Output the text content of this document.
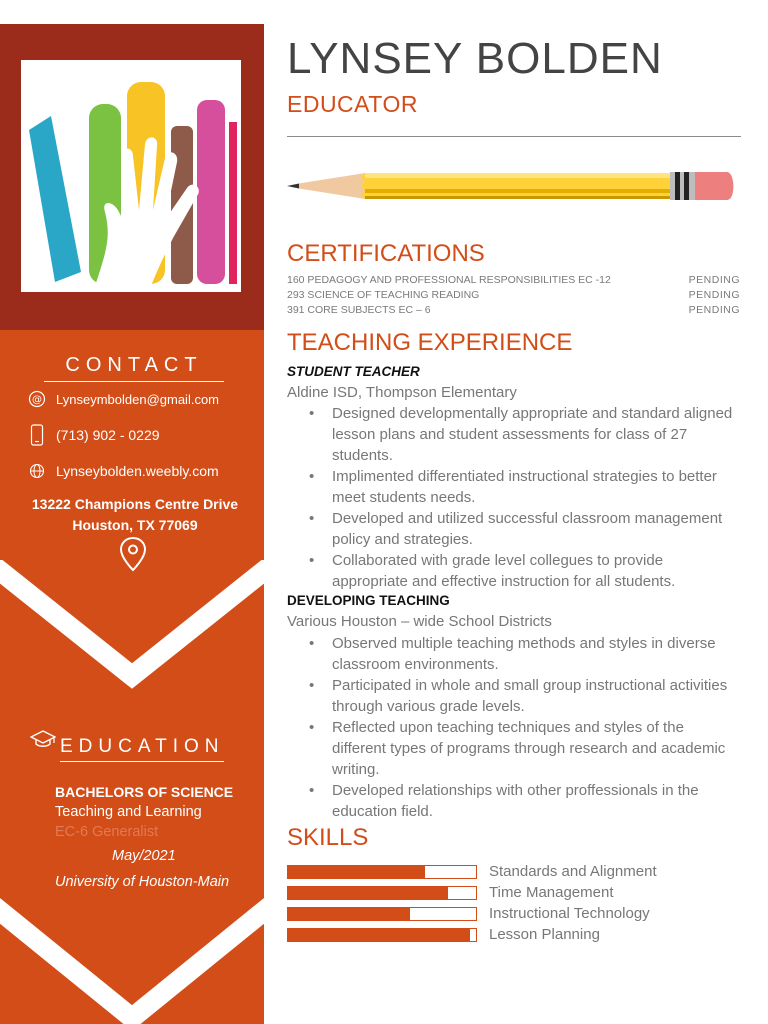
CONTACT
@ Lynseymbolden@gmail.com
(713) 902 - 0229
Lynseybolden.weebly.com
13222 Champions Centre Drive Houston, TX 77069
EDUCATION
BACHELORS OF SCIENCE
Teaching and Learning
EC-6 Generalist
May/2021
University of Houston-Main
LYNSEY BOLDEN
EDUCATOR
CERTIFICATIONS
160 PEDAGOGY AND PROFESSIONAL RESPONSIBILITIES EC -12	PENDING
293 SCIENCE OF TEACHING READING	PENDING
391 CORE SUBJECTS EC – 6	PENDING
TEACHING EXPERIENCE
STUDENT TEACHER
Aldine ISD, Thompson Elementary
• Designed developmentally appropriate and standard aligned lesson plans and student assessments for class of 27 students.
• Implimented differentiated instructional strategies to better meet students needs.
• Developed and utilized successful classroom management policy and strategies.
• Collaborated with grade level collegues to provide appropriate and effective instruction for all students.
DEVELOPING TEACHING
Various Houston – wide School Districts
• Observed multiple teaching methods and styles in diverse classroom environments.
• Participated in whole and small group instructional activities through various grade levels.
• Reflected upon teaching techniques and styles of the different types of programs through research and academic writing.
• Developed relationships with other proffessionals in the education field.
SKILLS
Standards and Alignment
Time Management
Instructional Technology
Lesson Planning
